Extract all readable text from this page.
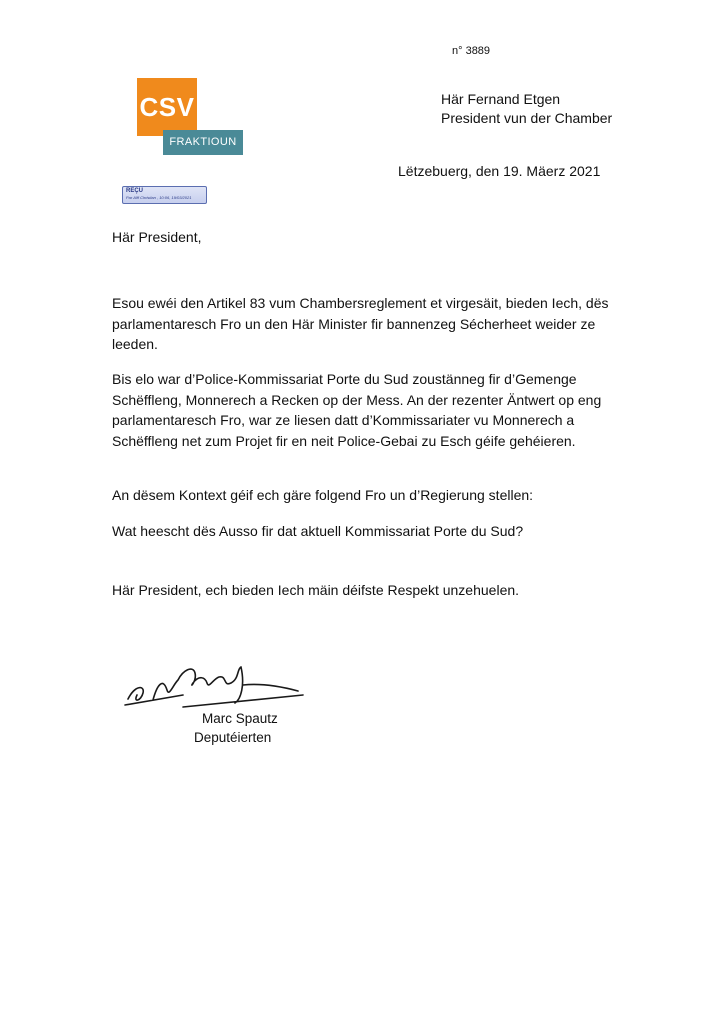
n° 3889
CSV
FRAKTIOUN
REÇU
Par Alff Christian , 10:06, 19/03/2021
Här Fernand Etgen
President vun der Chamber
Lëtzebuerg, den 19. Mäerz 2021

Här President,

Esou ewéi den Artikel 83 vum Chambersreglement et virgesäit, bieden Iech, dës parlamentaresch Fro un den Här Minister fir bannenzeg Sécherheet weider ze leeden.

Bis elo war d’Police-Kommissariat Porte du Sud zoustänneg fir d’Gemenge Schëffleng, Monnerech a Recken op der Mess. An der rezenter Äntwert op eng parlamentaresch Fro, war ze liesen datt d’Kommissariater vu Monnerech a Schëffleng net zum Projet fir en neit Police-Gebai zu Esch géife gehéieren.

An dësem Kontext géif ech gäre folgend Fro un d’Regierung stellen:

Wat heescht dës Ausso fir dat aktuell Kommissariat Porte du Sud?

Här President, ech bieden Iech mäin déifste Respekt unzehuelen.

Marc Spautz
Deputéierten
